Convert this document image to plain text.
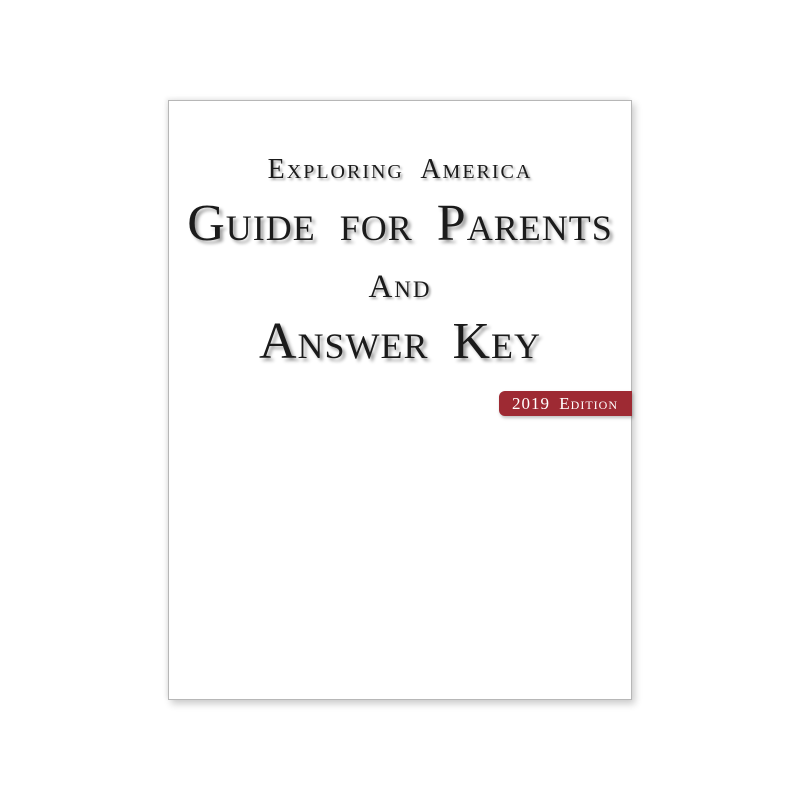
Exploring America
Guide for Parents
And
Answer Key
2019 Edition
